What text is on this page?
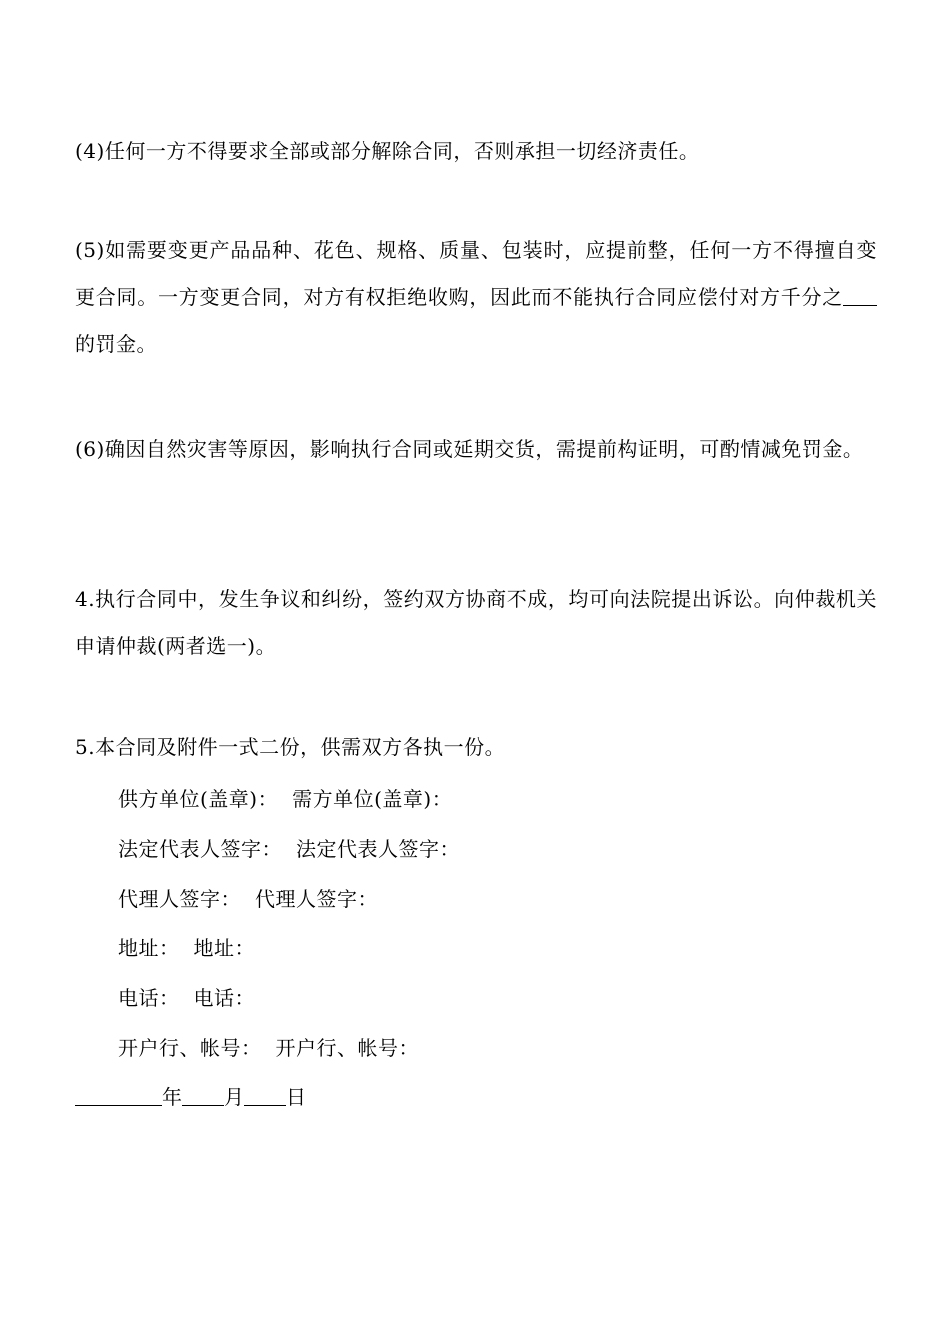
(4)任何一方不得要求全部或部分解除合同，否则承担一切经济责任。

(5)如需要变更产品品种、花色、规格、质量、包装时，应提前整，任何一方不得擅自变更合同。一方变更合同，对方有权拒绝收购，因此而不能执行合同应偿付对方千分之的罚金。

(6)确因自然灾害等原因，影响执行合同或延期交货，需提前构证明，可酌情减免罚金。

4.执行合同中，发生争议和纠纷，签约双方协商不成，均可向法院提出诉讼。向仲裁机关申请仲裁(两者选一)。

5.本合同及附件一式二份，供需双方各执一份。

供方单位(盖章)： 需方单位(盖章)：

法定代表人签字： 法定代表人签字：

代理人签字： 代理人签字：

地址： 地址：

电话： 电话：

开户行、帐号： 开户行、帐号：

年 月 日
